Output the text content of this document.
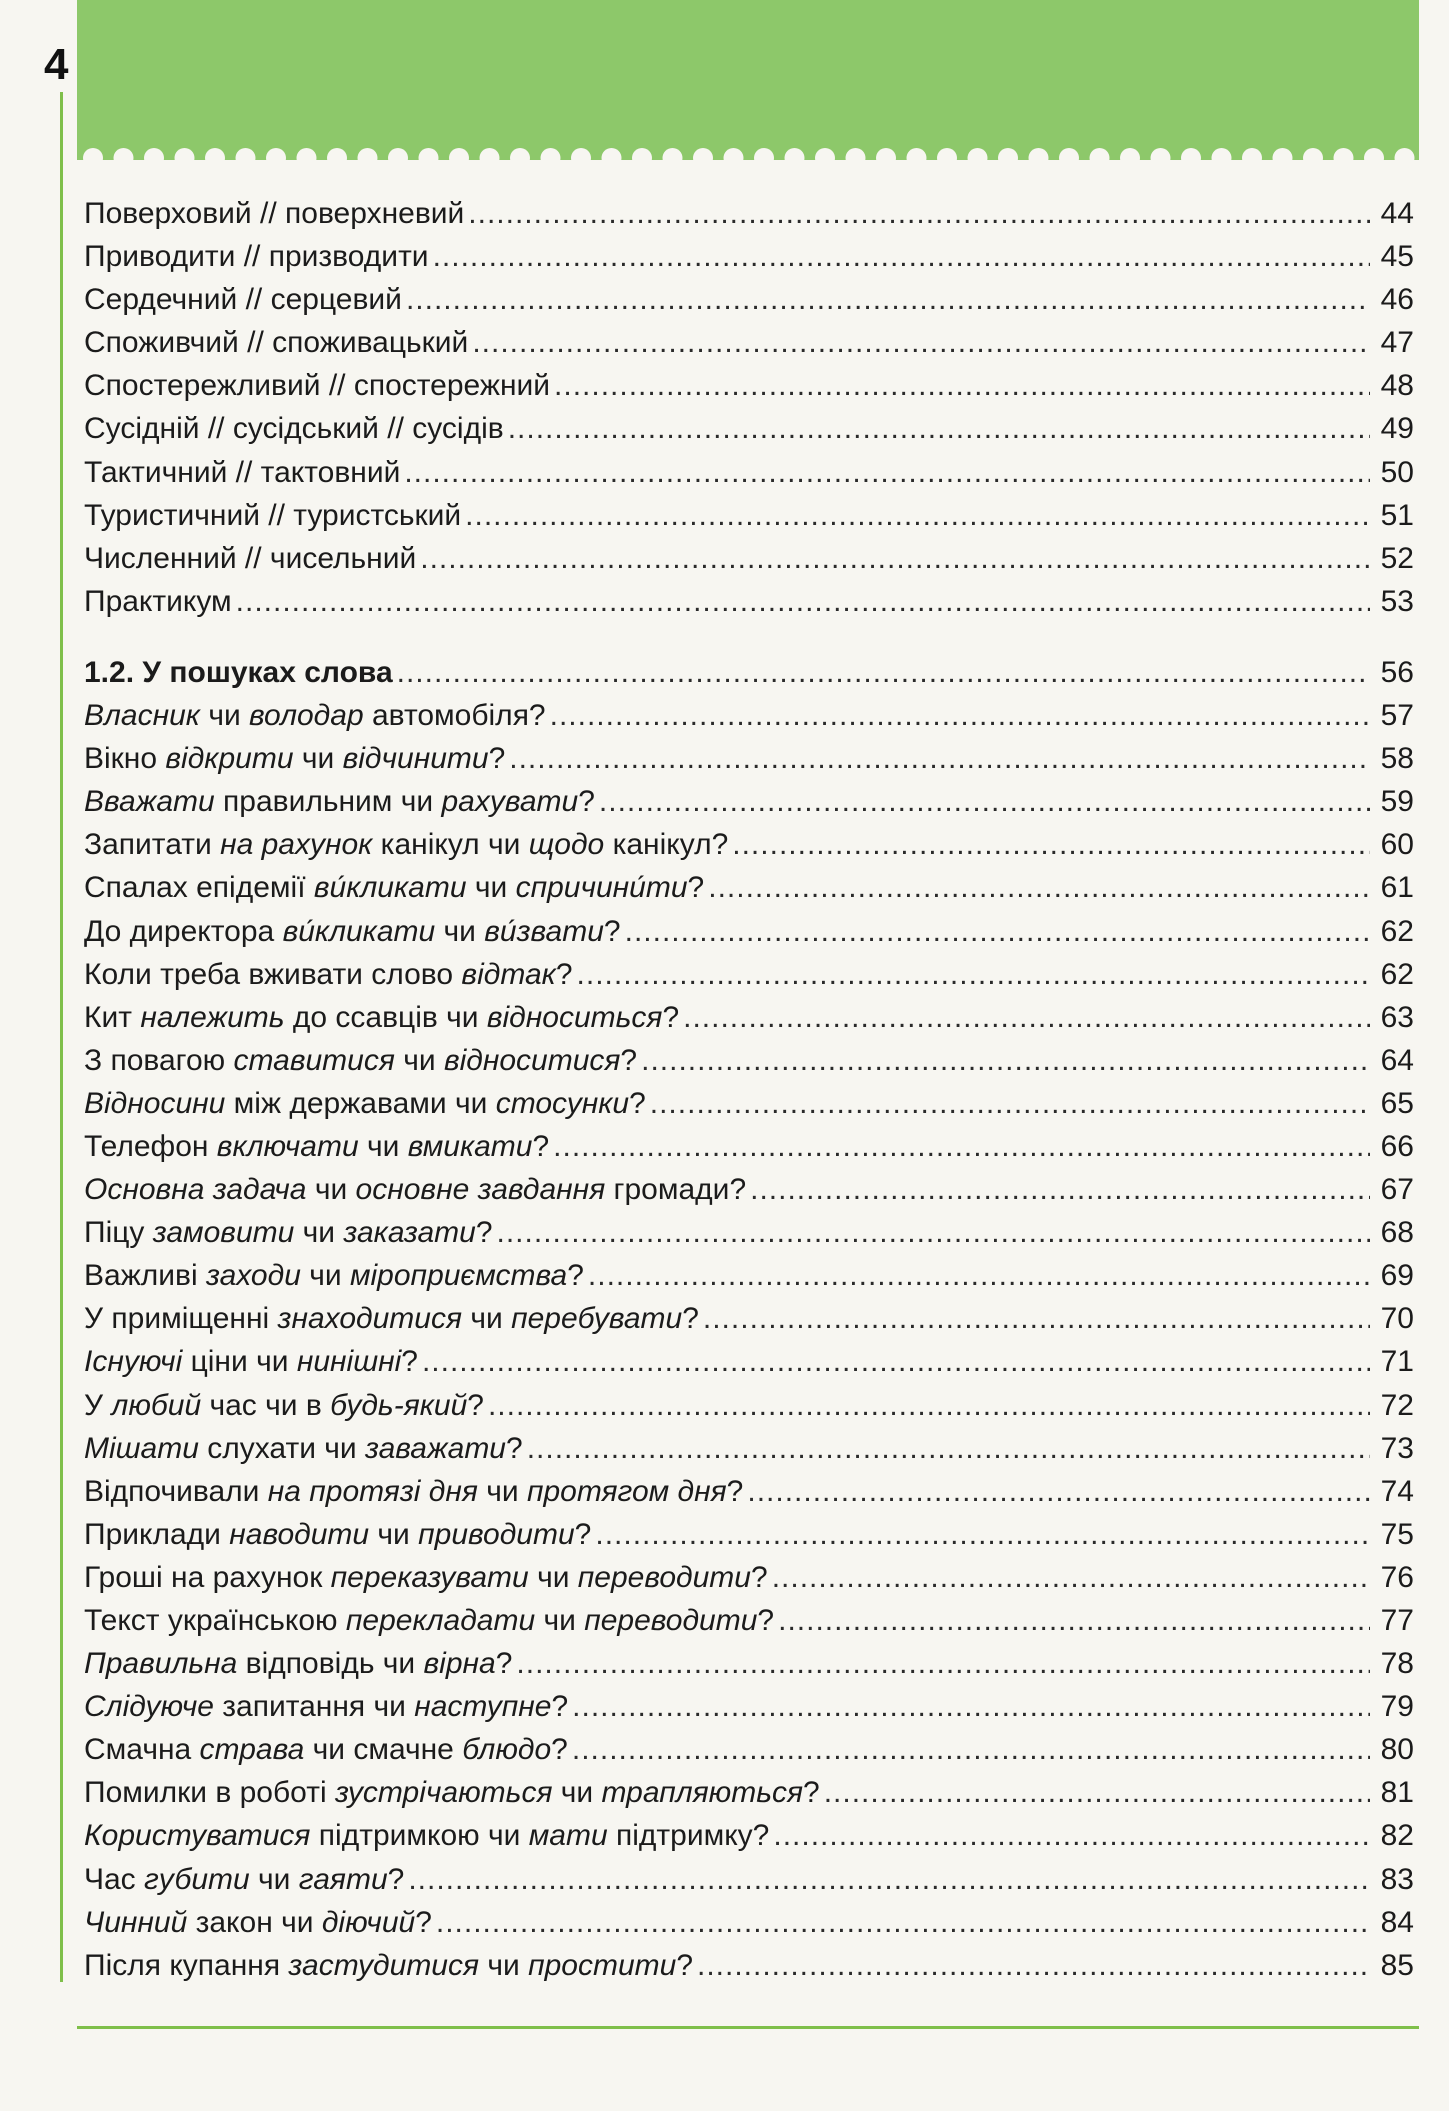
4
Поверховий // поверхневий .....	44
Приводити // призводити .....	45
Сердечний // серцевий .....	46
Споживчий // споживацький .....	47
Спостережливий // спостережний .....	48
Сусідній // сусідський // сусідів .....	49
Тактичний // тактовний .....	50
Туристичний // туристський .....	51
Численний // чисельний .....	52
Практикум .....	53
1.2. У пошуках слова .....	56
Власник чи володар автомобіля? .....	57
Вікно відкрити чи відчинити? .....	58
Вважати правильним чи рахувати? .....	59
Запитати на рахунок канікул чи щодо канікул? .....	60
Спалах епідемії ви́кликати чи спричини́ти? .....	61
До директора ви́кликати чи ви́звати? .....	62
Коли треба вживати слово відтак? .....	62
Кит належить до ссавців чи відноситься? .....	63
З повагою ставитися чи відноситися? .....	64
Відносини між державами чи стосунки? .....	65
Телефон включати чи вмикати? .....	66
Основна задача чи основне завдання громади? .....	67
Піцу замовити чи заказати? .....	68
Важливі заходи чи міроприємства? .....	69
У приміщенні знаходитися чи перебувати? .....	70
Існуючі ціни чи нинішні? .....	71
У любий час чи в будь-який? .....	72
Мішати слухати чи заважати? .....	73
Відпочивали на протязі дня чи протягом дня? .....	74
Приклади наводити чи приводити? .....	75
Гроші на рахунок переказувати чи переводити? .....	76
Текст українською перекладати чи переводити? .....	77
Правильна відповідь чи вірна? .....	78
Слідуюче запитання чи наступне? .....	79
Смачна страва чи смачне блюдо? .....	80
Помилки в роботі зустрічаються чи трапляються? .....	81
Користуватися підтримкою чи мати підтримку? .....	82
Час губити чи гаяти? .....	83
Чинний закон чи діючий? .....	84
Після купання застудитися чи простити? .....	85
